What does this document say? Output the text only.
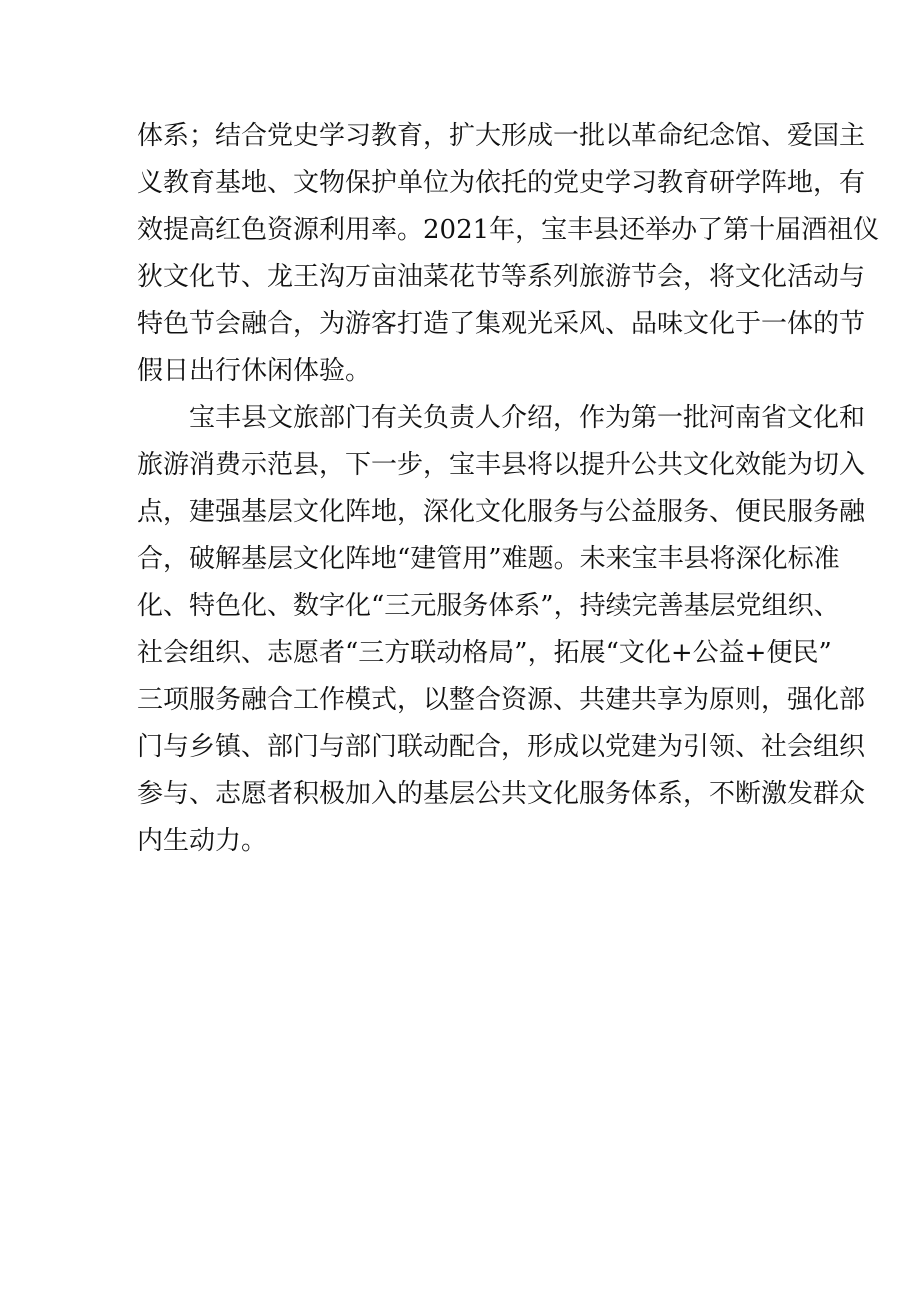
体系；结合党史学习教育，扩大形成一批以革命纪念馆、爱国主
义教育基地、文物保护单位为依托的党史学习教育研学阵地，有
效提高红色资源利用率。2021年，宝丰县还举办了第十届酒祖仪
狄文化节、龙王沟万亩油菜花节等系列旅游节会，将文化活动与
特色节会融合，为游客打造了集观光采风、品味文化于一体的节
假日出行休闲体验。
宝丰县文旅部门有关负责人介绍，作为第一批河南省文化和
旅游消费示范县，下一步，宝丰县将以提升公共文化效能为切入
点，建强基层文化阵地，深化文化服务与公益服务、便民服务融
合，破解基层文化阵地“建管用”难题。未来宝丰县将深化标准
化、特色化、数字化“三元服务体系”，持续完善基层党组织、
社会组织、志愿者“三方联动格局”，拓展“文化+公益+便民”
三项服务融合工作模式，以整合资源、共建共享为原则，强化部
门与乡镇、部门与部门联动配合，形成以党建为引领、社会组织
参与、志愿者积极加入的基层公共文化服务体系，不断激发群众
内生动力。
